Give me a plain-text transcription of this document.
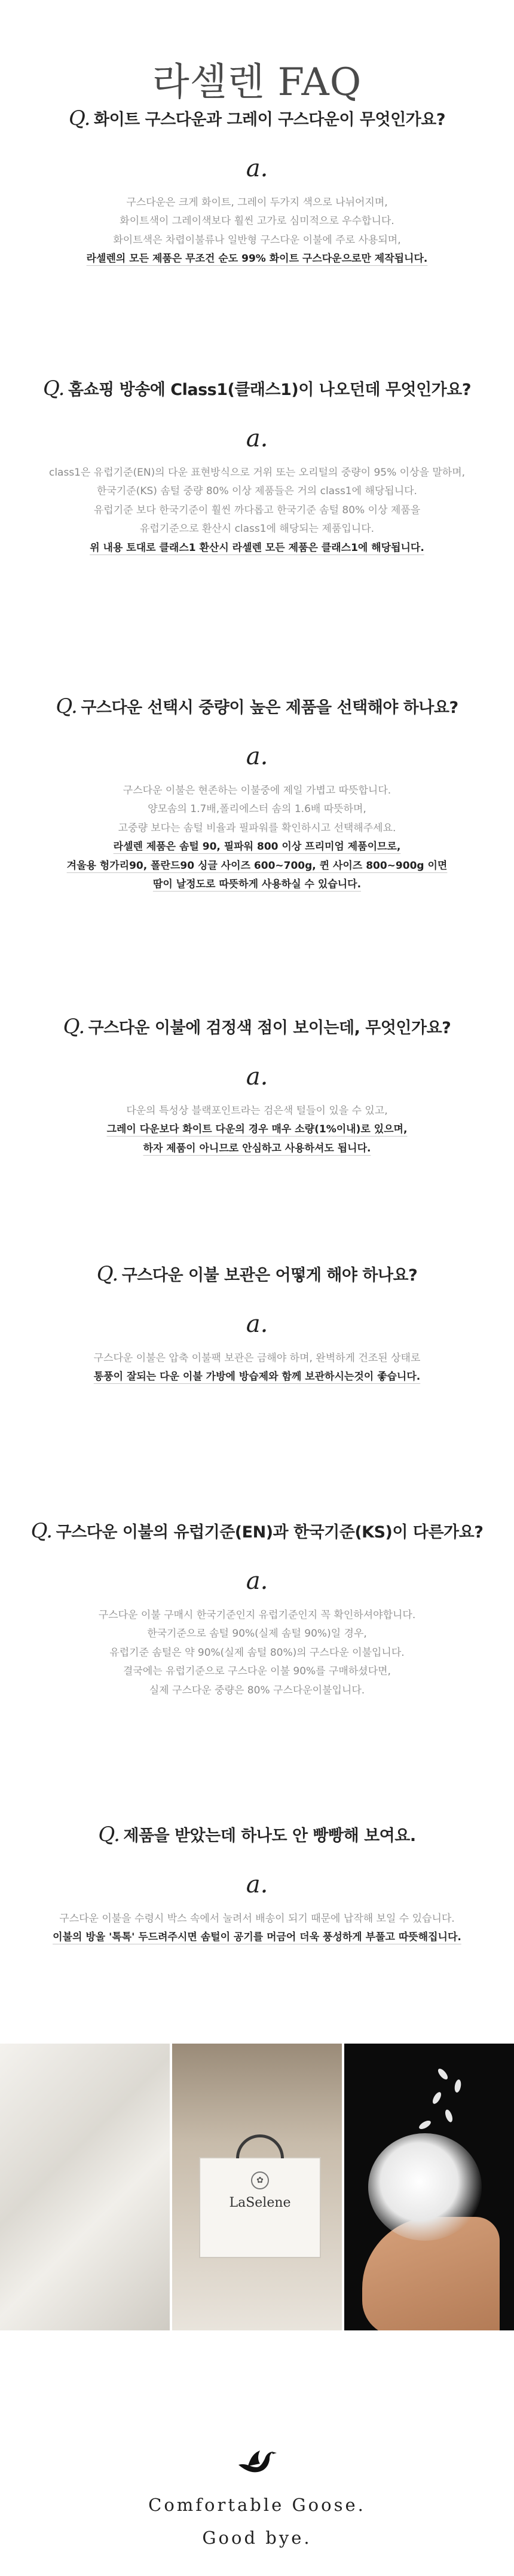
라셀렌 FAQ
Q. 화이트 구스다운과 그레이 구스다운이 무엇인가요?
a.
구스다운은 크게 화이트, 그레이 두가지 색으로 나뉘어지며,
화이트색이 그레이색보다 훨씬 고가로 심미적으로 우수합니다.
화이트색은 차렵이불류나 일반형 구스다운 이불에 주로 사용되며,
라셀렌의 모든 제품은 무조건 순도 99% 화이트 구스다운으로만 제작됩니다.
Q. 홈쇼핑 방송에 Class1(클래스1)이 나오던데 무엇인가요?
a.
class1은 유럽기준(EN)의 다운 표현방식으로 거위 또는 오리털의 중량이 95% 이상을 말하며,
한국기준(KS) 솜털 중량 80% 이상 제품들은 거의 class1에 해당됩니다.
유럽기준 보다 한국기준이 훨씬 까다롭고 한국기준 솜털 80% 이상 제품을
유럽기준으로 환산시 class1에 해당되는 제품입니다.
위 내용 토대로 클래스1 환산시 라셀렌 모든 제품은 클래스1에 해당됩니다.
Q. 구스다운 선택시 중량이 높은 제품을 선택해야 하나요?
a.
구스다운 이불은 현존하는 이불중에 제일 가볍고 따뜻합니다.
양모솜의 1.7배,폴리에스터 솜의 1.6배 따뜻하며,
고중량 보다는 솜털 비율과 필파워를 확인하시고 선택해주세요.
라셀렌 제품은 솜털 90, 필파워 800 이상 프리미엄 제품이므로,
겨울용 헝가리90, 폴란드90 싱글 사이즈 600~700g, 퀸 사이즈 800~900g 이면
땀이 날정도로 따뜻하게 사용하실 수 있습니다.
Q. 구스다운 이불에 검정색 점이 보이는데, 무엇인가요?
a.
다운의 특성상 블랙포인트라는 검은색 털들이 있을 수 있고,
그레이 다운보다 화이트 다운의 경우 매우 소량(1%이내)로 있으며,
하자 제품이 아니므로 안심하고 사용하셔도 됩니다.
Q. 구스다운 이불 보관은 어떻게 해야 하나요?
a.
구스다운 이불은 압축 이불팩 보관은 금해야 하며, 완벽하게 건조된 상태로
통풍이 잘되는 다운 이불 가방에 방습제와 함께 보관하시는것이 좋습니다.
Q. 구스다운 이불의 유럽기준(EN)과 한국기준(KS)이 다른가요?
a.
구스다운 이불 구매시 한국기준인지 유럽기준인지 꼭 확인하셔야합니다.
한국기준으로 솜털 90%(실제 솜털 90%)일 경우,
유럽기준 솜털은 약 90%(실제 솜털 80%)의 구스다운 이불입니다.
결국에는 유럽기준으로 구스다운 이불 90%를 구매하셨다면,
실제 구스다운 중량은 80% 구스다운이불입니다.
Q. 제품을 받았는데 하나도 안 빵빵해 보여요.
a.
구스다운 이불을 수령시 박스 속에서 눌려서 배송이 되기 때문에 납작해 보일 수 있습니다.
이불의 방울 '톡톡' 두드려주시면 솜털이 공기를 머금어 더욱 풍성하게 부풀고 따뜻해집니다.
✿
LaSelene
Comfortable Goose.
Good bye.
